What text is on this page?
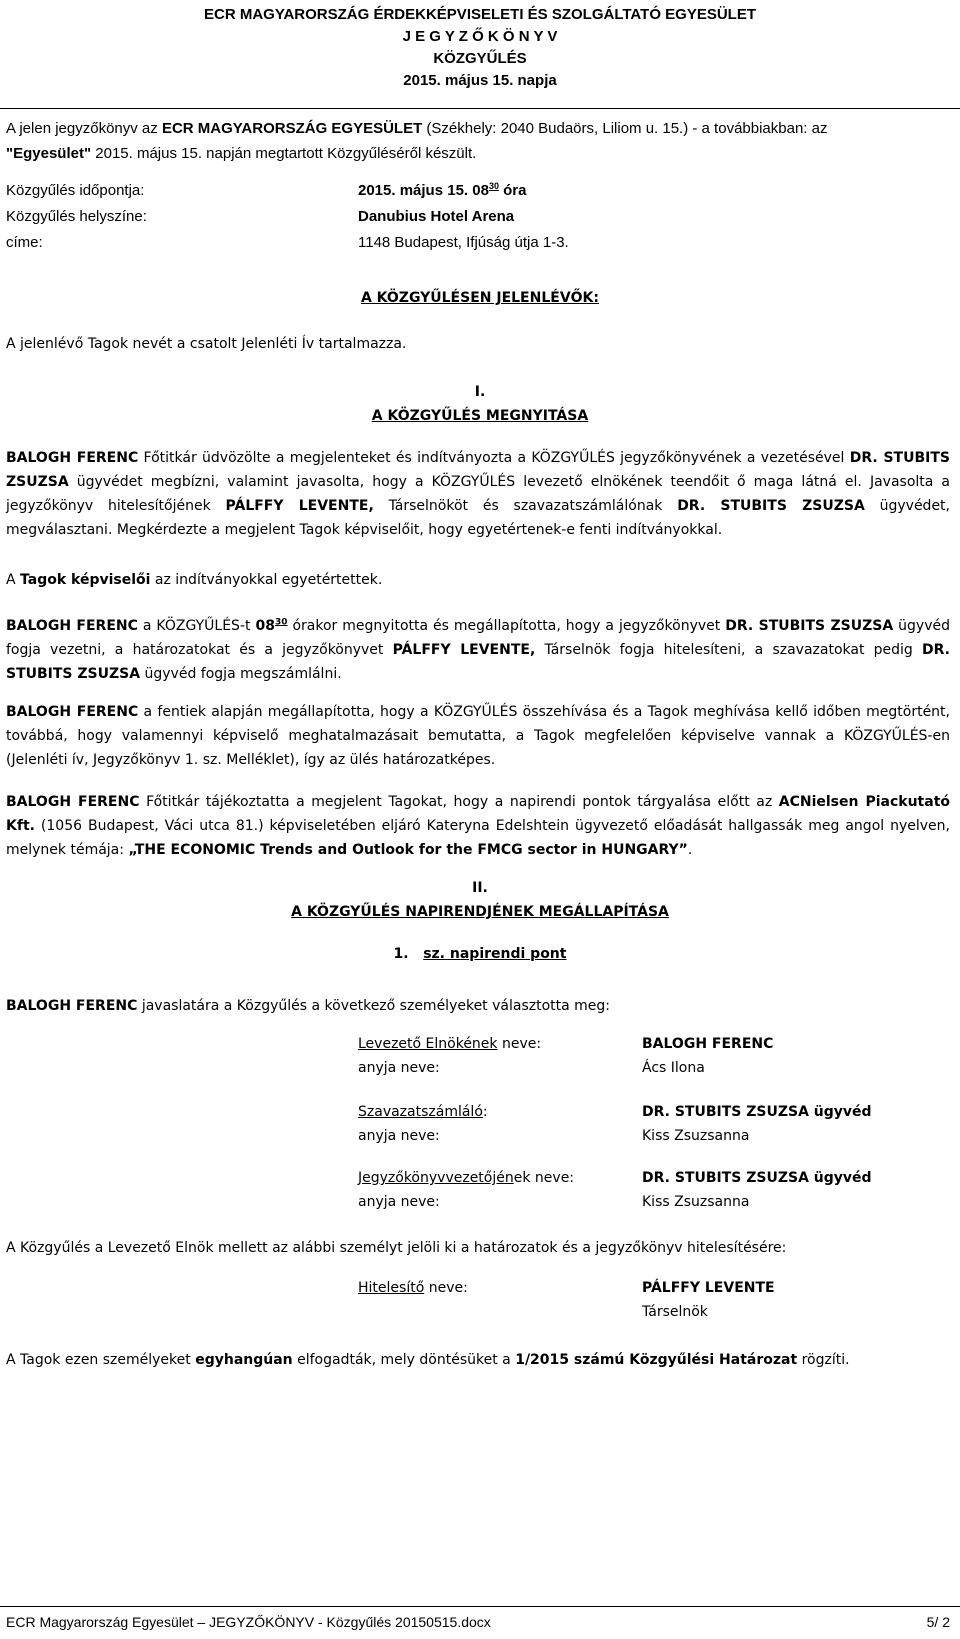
ECR MAGYARORSZÁG ÉRDEKKÉPVISELETI ÉS SZOLGÁLTATÓ EGYESÜLET
J E G Y Z Ő K Ö N Y V
KÖZGYŰLÉS
2015. május 15. napja
A jelen jegyzőkönyv az ECR MAGYARORSZÁG EGYESÜLET (Székhely: 2040 Budaörs, Liliom u. 15.) - a továbbiakban: az
"Egyesület" 2015. május 15. napján megtartott Közgyűléséről készült.
Közgyűlés időpontja:	2015. május 15. $08^{30}$ óra
Közgyűlés helyszíne:	Danubius Hotel Arena
címe:	1148 Budapest, Ifjúság útja 1-3.
A KÖZGYŰLÉSEN JELENLÉVŐK:
A jelenlévő Tagok nevét a csatolt Jelenléti Ív tartalmazza.
I.
A KÖZGYŰLÉS MEGNYITÁSA
BALOGH FERENC Főtitkár üdvözölte a megjelenteket és indítványozta a KÖZGYŰLÉS jegyzőkönyvének a vezetésével DR. STUBITS ZSUZSA ügyvédet megbízni, valamint javasolta, hogy a KÖZGYŰLÉS levezető elnökének teendőit ő maga látná el. Javasolta a jegyzőkönyv hitelesítőjének PÁLFFY LEVENTE, Társelnököt és szavazatszámlálónak DR. STUBITS ZSUZSA ügyvédet, megválasztani. Megkérdezte a megjelent Tagok képviselőit, hogy egyetértenek-e fenti indítványokkal.
A Tagok képviselői az indítványokkal egyetértettek.
BALOGH FERENC a KÖZGYŰLÉS-t $08^{30}$ órakor megnyitotta és megállapította, hogy a jegyzőkönyvet DR. STUBITS ZSUZSA ügyvéd fogja vezetni, a határozatokat és a jegyzőkönyvet PÁLFFY LEVENTE, Társelnök fogja hitelesíteni, a szavazatokat pedig DR. STUBITS ZSUZSA ügyvéd fogja megszámlálni.
BALOGH FERENC a fentiek alapján megállapította, hogy a KÖZGYŰLÉS összehívása és a Tagok meghívása kellő időben megtörtént, továbbá, hogy valamennyi képviselő meghatalmazásait bemutatta, a Tagok megfelelően képviselve vannak a KÖZGYŰLÉS-en (Jelenléti ív, Jegyzőkönyv 1. sz. Melléklet), így az ülés határozatképes.
BALOGH FERENC Főtitkár tájékoztatta a megjelent Tagokat, hogy a napirendi pontok tárgyalása előtt az ACNielsen Piackutató Kft. (1056 Budapest, Váci utca 81.) képviseletében eljáró Kateryna Edelshtein ügyvezető előadását hallgassák meg angol nyelven, melynek témája: „THE ECONOMIC Trends and Outlook for the FMCG sector in HUNGARY”.
II.
A KÖZGYŰLÉS NAPIRENDJÉNEK MEGÁLLAPÍTÁSA
1. sz. napirendi pont
BALOGH FERENC javaslatára a Közgyűlés a következő személyeket választotta meg:
Levezető Elnökének neve:	BALOGH FERENC
anyja neve:	Ács Ilona
Szavazatszámláló:	DR. STUBITS ZSUZSA ügyvéd
anyja neve:	Kiss Zsuzsanna
Jegyzőkönyvvezetőjének neve:	DR. STUBITS ZSUZSA ügyvéd
anyja neve:	Kiss Zsuzsanna
A Közgyűlés a Levezető Elnök mellett az alábbi személyt jelöli ki a határozatok és a jegyzőkönyv hitelesítésére:
Hitelesítő neve:	PÁLFFY LEVENTE
Társelnök
A Tagok ezen személyeket egyhangúan elfogadták, mely döntésüket a 1/2015 számú Közgyűlési Határozat rögzíti.
ECR Magyarország Egyesület – JEGYZŐKÖNYV - Közgyűlés 20150515.docx	5/ 2
